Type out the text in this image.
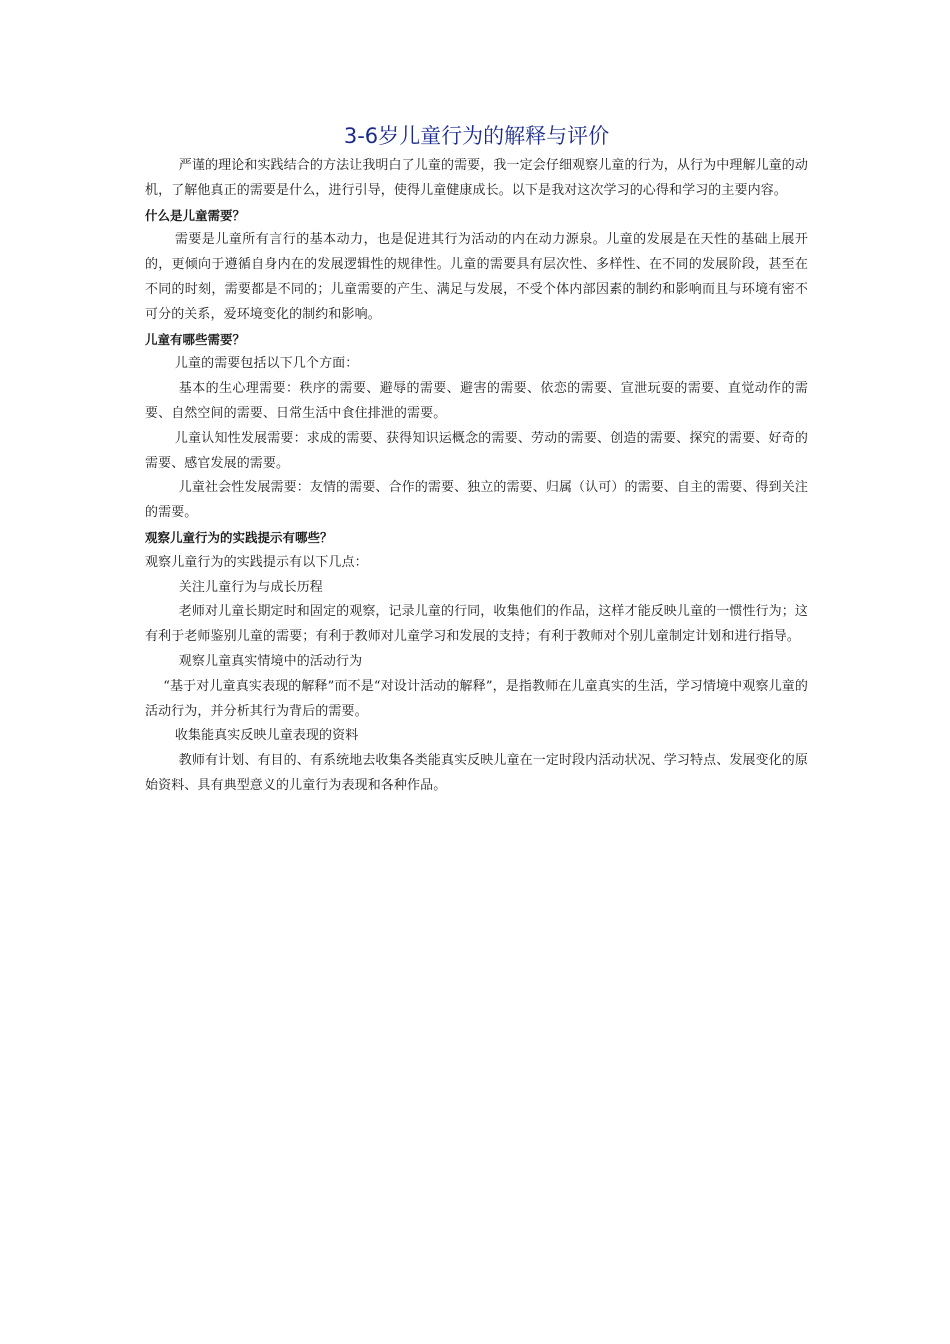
3-6岁儿童行为的解释与评价

严谨的理论和实践结合的方法让我明白了儿童的需要，我一定会仔细观察儿童的行为，从行为中理解儿童的动机，了解他真正的需要是什么，进行引导，使得儿童健康成长。以下是我对这次学习的心得和学习的主要内容。

什么是儿童需要？

需要是儿童所有言行的基本动力，也是促进其行为活动的内在动力源泉。儿童的发展是在天性的基础上展开的，更倾向于遵循自身内在的发展逻辑性的规律性。儿童的需要具有层次性、多样性、在不同的发展阶段，甚至在不同的时刻，需要都是不同的；儿童需要的产生、满足与发展，不受个体内部因素的制约和影响而且与环境有密不可分的关系，爱环境变化的制约和影响。

儿童有哪些需要？

儿童的需要包括以下几个方面：

基本的生心理需要：秩序的需要、避辱的需要、避害的需要、依恋的需要、宣泄玩耍的需要、直觉动作的需要、自然空间的需要、日常生活中食住排泄的需要。

儿童认知性发展需要：求成的需要、获得知识运概念的需要、劳动的需要、创造的需要、探究的需要、好奇的需要、感官发展的需要。

儿童社会性发展需要：友情的需要、合作的需要、独立的需要、归属（认可）的需要、自主的需要、得到关注的需要。

观察儿童行为的实践提示有哪些？

观察儿童行为的实践提示有以下几点：

关注儿童行为与成长历程

老师对儿童长期定时和固定的观察，记录儿童的行同，收集他们的作品，这样才能反映儿童的一惯性行为；这有利于老师鉴别儿童的需要；有利于教师对儿童学习和发展的支持；有利于教师对个别儿童制定计划和进行指导。

观察儿童真实情境中的活动行为

“基于对儿童真实表现的解释”而不是“对设计活动的解释”，是指教师在儿童真实的生活，学习情境中观察儿童的活动行为，并分析其行为背后的需要。

收集能真实反映儿童表现的资料

教师有计划、有目的、有系统地去收集各类能真实反映儿童在一定时段内活动状况、学习特点、发展变化的原始资料、具有典型意义的儿童行为表现和各种作品。
